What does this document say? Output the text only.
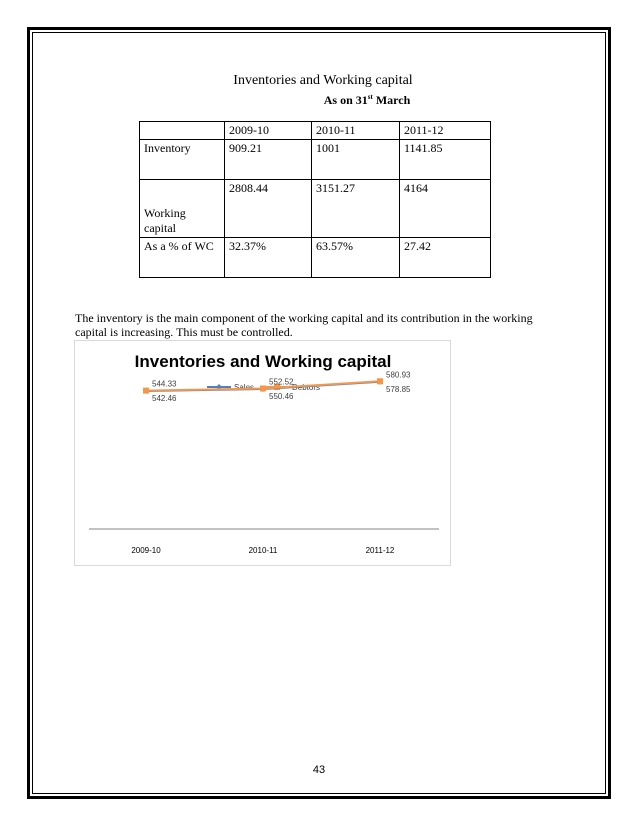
Inventories and Working capital
As on 31st March
	2009-10	2010-11	2011-12
Inventory	909.21	1001	1141.85
Working capital	2808.44	3151.27	4164
As a % of WC	32.37%	63.57%	27.42
The inventory is the main component of the working capital and its contribution in the working capital is increasing. This must be controlled.
Inventories and Working capital
Sales	Debtors
2009-10	2010-11	2011-12
542.46	550.46
578.85
544.33	552.52
580.93
43
